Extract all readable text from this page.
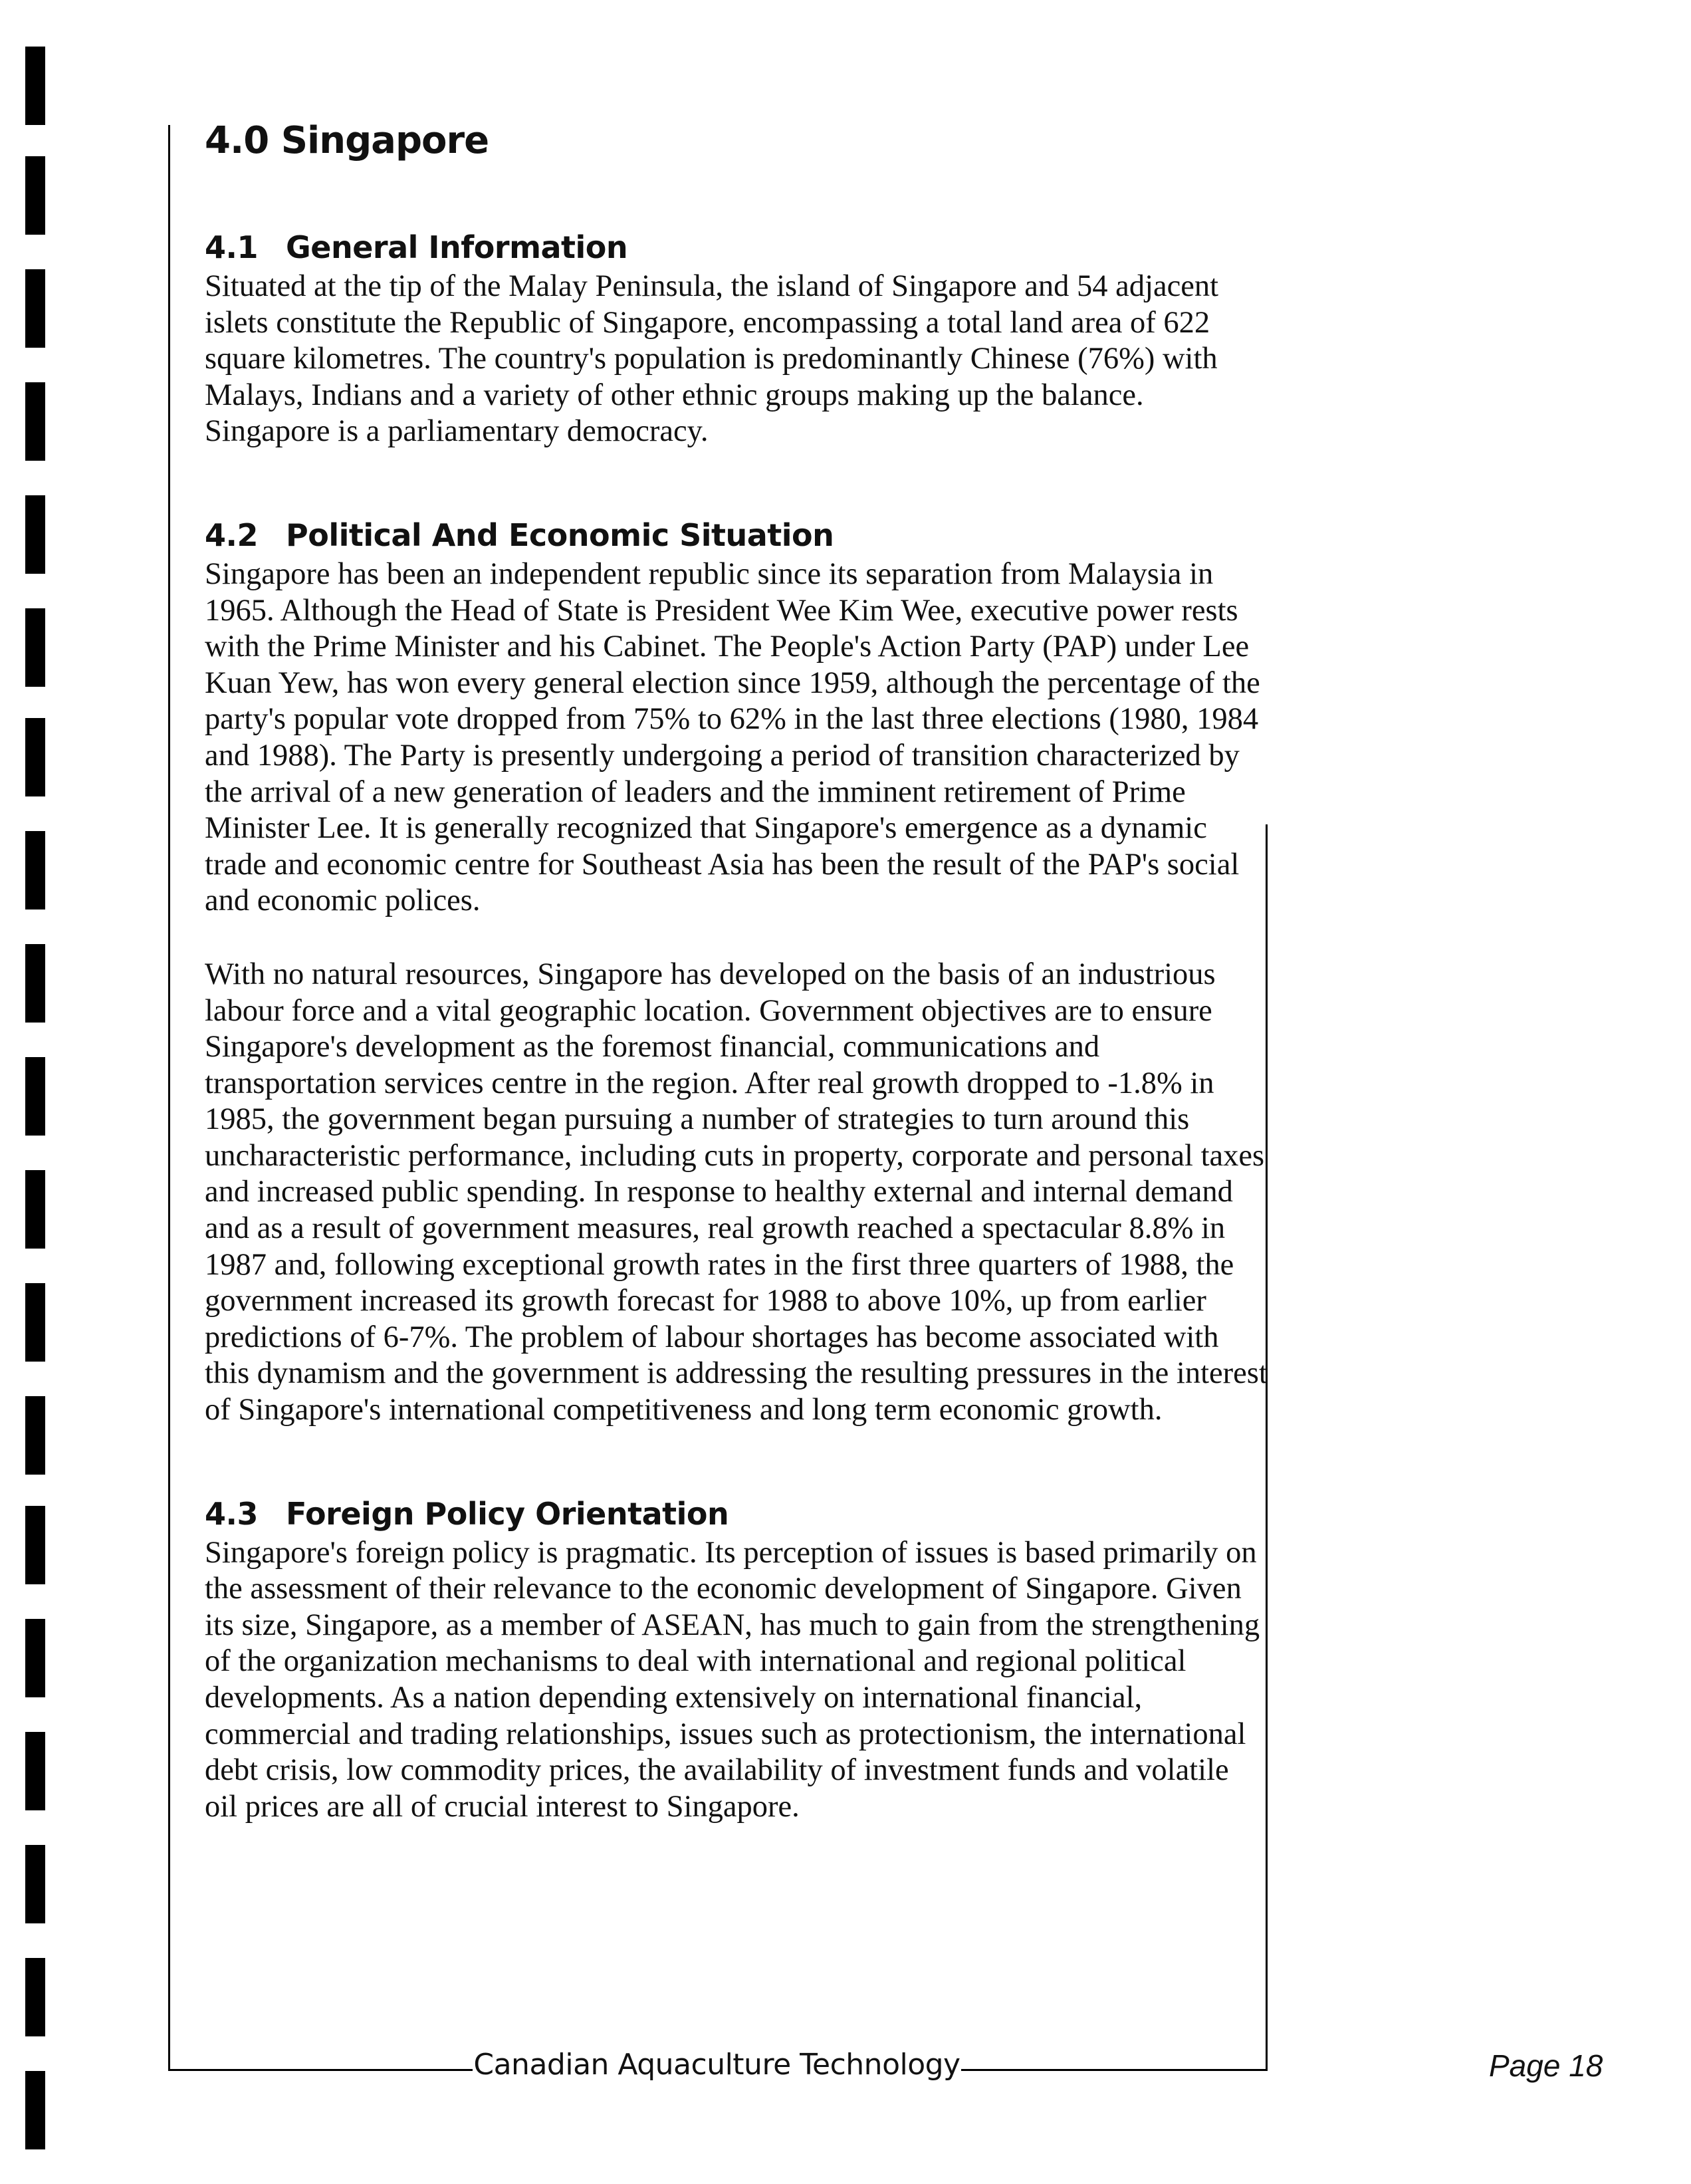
4.0 Singapore
4.1 General Information

Situated at the tip of the Malay Peninsula, the island of Singapore and 54 adjacent islets constitute the Republic of Singapore, encompassing a total land area of 622 square kilometres. The country's population is predominantly Chinese (76%) with Malays, Indians and a variety of other ethnic groups making up the balance. Singapore is a parliamentary democracy.

4.2 Political And Economic Situation

Singapore has been an independent republic since its separation from Malaysia in 1965. Although the Head of State is President Wee Kim Wee, executive power rests with the Prime Minister and his Cabinet. The People's Action Party (PAP) under Lee Kuan Yew, has won every general election since 1959, although the percentage of the party's popular vote dropped from 75% to 62% in the last three elections (1980, 1984 and 1988). The Party is presently undergoing a period of transition characterized by the arrival of a new generation of leaders and the imminent retirement of Prime Minister Lee. It is generally recognized that Singapore's emergence as a dynamic trade and economic centre for Southeast Asia has been the result of the PAP's social and economic polices.

With no natural resources, Singapore has developed on the basis of an industrious labour force and a vital geographic location. Government objectives are to ensure Singapore's development as the foremost financial, communications and transportation services centre in the region. After real growth dropped to -1.8% in 1985, the government began pursuing a number of strategies to turn around this uncharacteristic performance, including cuts in property, corporate and personal taxes and increased public spending. In response to healthy external and internal demand and as a result of government measures, real growth reached a spectacular 8.8% in 1987 and, following exceptional growth rates in the first three quarters of 1988, the government increased its growth forecast for 1988 to above 10%, up from earlier predictions of 6-7%. The problem of labour shortages has become associated with this dynamism and the government is addressing the resulting pressures in the interest of Singapore's international competitiveness and long term economic growth.

4.3 Foreign Policy Orientation

Singapore's foreign policy is pragmatic. Its perception of issues is based primarily on the assessment of their relevance to the economic development of Singapore. Given its size, Singapore, as a member of ASEAN, has much to gain from the strengthening of the organization mechanisms to deal with international and regional political developments. As a nation depending extensively on international financial, commercial and trading relationships, issues such as protectionism, the international debt crisis, low commodity prices, the availability of investment funds and volatile oil prices are all of crucial interest to Singapore.

Canadian Aquaculture Technology	Page 18
